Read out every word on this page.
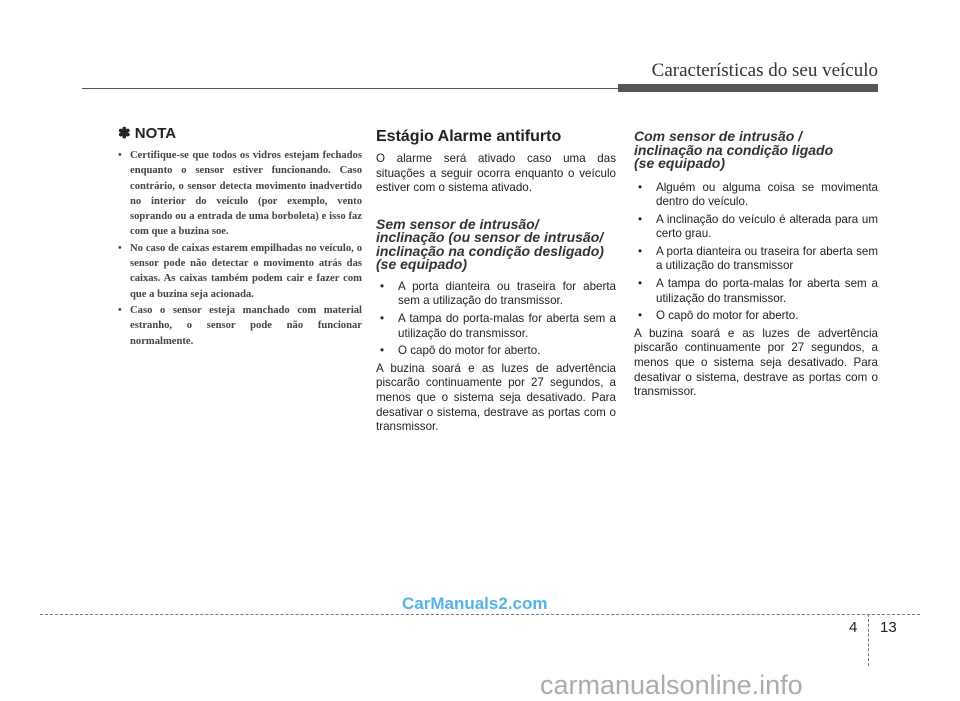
Características do seu veículo
✽ NOTA
• Certifique-se que todos os vidros estejam fechados enquanto o sensor estiver funcionando. Caso contrário, o sensor detecta movimento inadvertido no interior do veículo (por exemplo, vento soprando ou a entrada de uma borboleta) e isso faz com que a buzina soe.
• No caso de caixas estarem empilhadas no veículo, o sensor pode não detectar o movimento atrás das caixas. As caixas também podem cair e fazer com que a buzina seja acionada.
• Caso o sensor esteja manchado com material estranho, o sensor pode não funcionar normalmente.
Estágio Alarme antifurto

O alarme será ativado caso uma das situações a seguir ocorra enquanto o veículo estiver com o sistema ativado.

Sem sensor de intrusão/
inclinação (ou sensor de intrusão/
inclinação na condição desligado)
(se equipado)
• A porta dianteira ou traseira for aberta sem a utilização do transmissor.
• A tampa do porta-malas for aberta sem a utilização do transmissor.
• O capô do motor for aberto.

A buzina soará e as luzes de advertência piscarão continuamente por 27 segundos, a menos que o sistema seja desativado. Para desativar o sistema, destrave as portas com o transmissor.

Com sensor de intrusão /
inclinação na condição ligado
(se equipado)
• Alguém ou alguma coisa se movimenta dentro do veículo.
• A inclinação do veículo é alterada para um certo grau.
• A porta dianteira ou traseira for aberta sem a utilização do transmissor
• A tampa do porta-malas for aberta sem a utilização do transmissor.
• O capô do motor for aberto.

A buzina soará e as luzes de advertência piscarão continuamente por 27 segundos, a menos que o sistema seja desativado. Para desativar o sistema, destrave as portas com o transmissor.

CarManuals2.com
4 13
carmanualsonline.info
